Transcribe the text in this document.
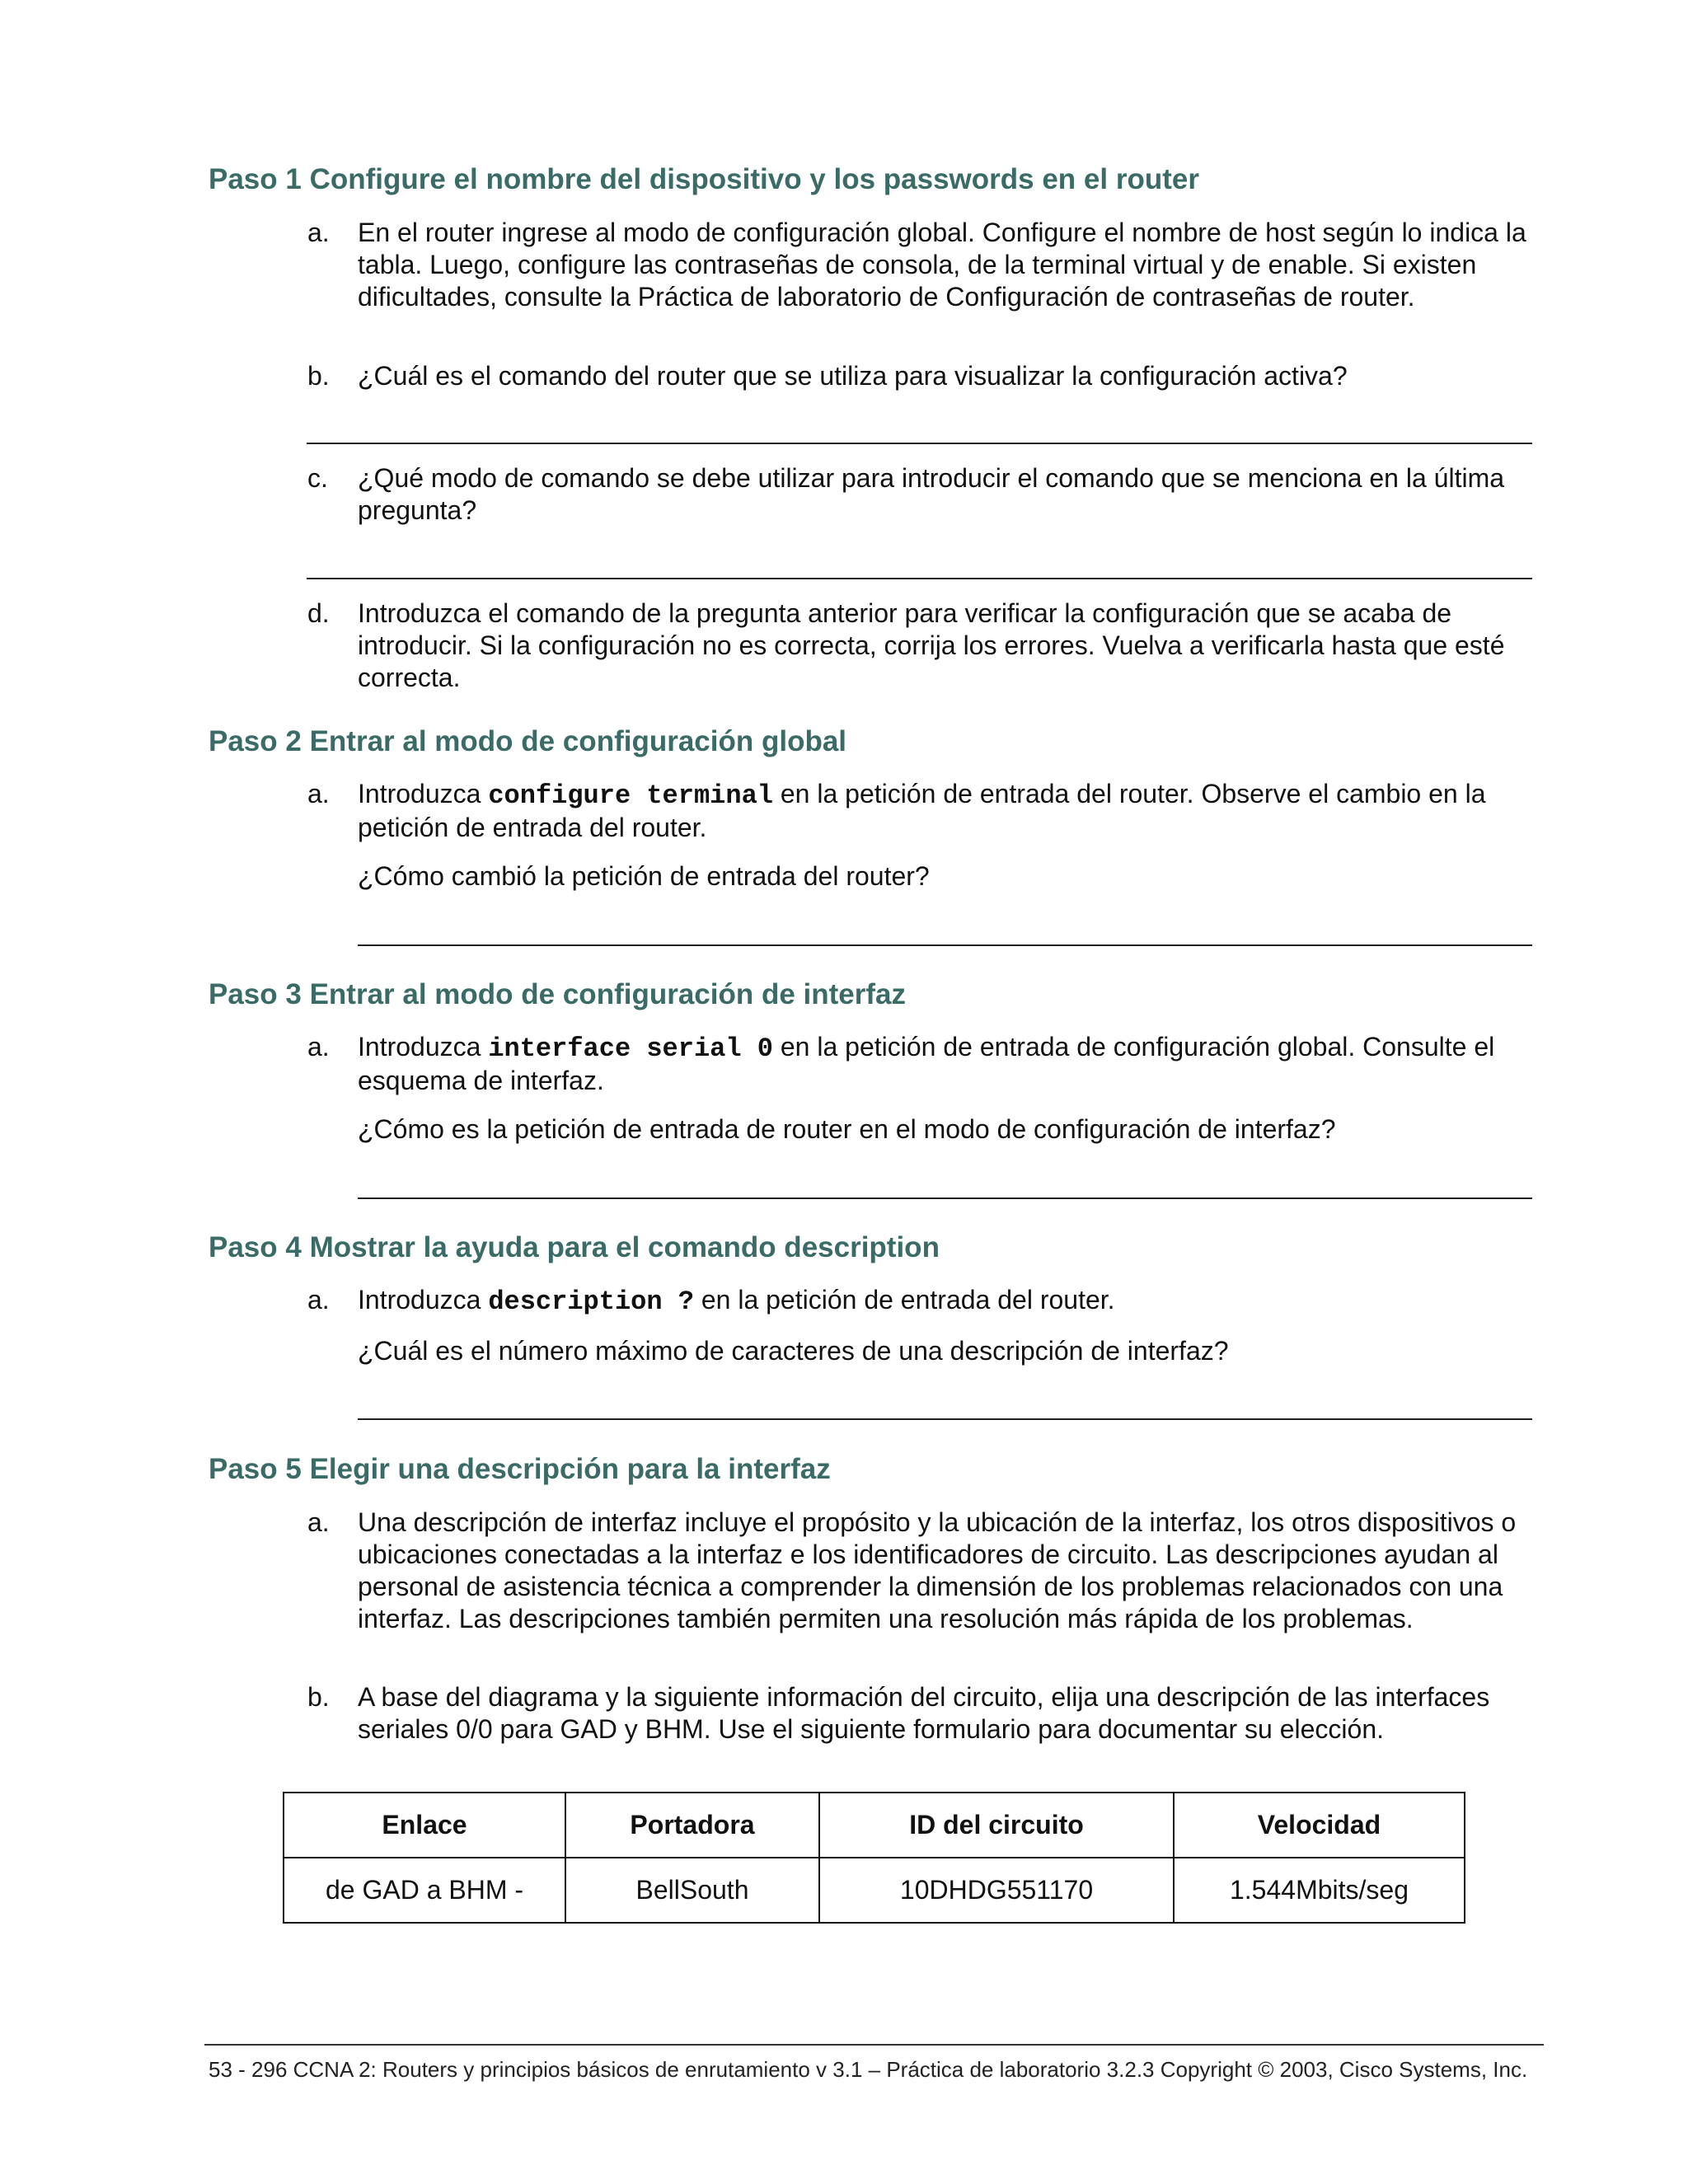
Paso 1 Configure el nombre del dispositivo y los passwords en el router
a. En el router ingrese al modo de configuración global. Configure el nombre de host según lo indica la tabla. Luego, configure las contraseñas de consola, de la terminal virtual y de enable. Si existen dificultades, consulte la Práctica de laboratorio de Configuración de contraseñas de router.

b. ¿Cuál es el comando del router que se utiliza para visualizar la configuración activa?

c. ¿Qué modo de comando se debe utilizar para introducir el comando que se menciona en la última pregunta?

d. Introduzca el comando de la pregunta anterior para verificar la configuración que se acaba de introducir. Si la configuración no es correcta, corrija los errores. Vuelva a verificarla hasta que esté correcta.

Paso 2 Entrar al modo de configuración global
a. Introduzca configure terminal en la petición de entrada del router. Observe el cambio en la petición de entrada del router.

¿Cómo cambió la petición de entrada del router?

Paso 3 Entrar al modo de configuración de interfaz
a. Introduzca interface serial 0 en la petición de entrada de configuración global. Consulte el esquema de interfaz.

¿Cómo es la petición de entrada de router en el modo de configuración de interfaz?

Paso 4 Mostrar la ayuda para el comando description
a. Introduzca description ? en la petición de entrada del router.

¿Cuál es el número máximo de caracteres de una descripción de interfaz?

Paso 5 Elegir una descripción para la interfaz
a. Una descripción de interfaz incluye el propósito y la ubicación de la interfaz, los otros dispositivos o ubicaciones conectadas a la interfaz e los identificadores de circuito. Las descripciones ayudan al personal de asistencia técnica a comprender la dimensión de los problemas relacionados con una interfaz. Las descripciones también permiten una resolución más rápida de los problemas.

b. A base del diagrama y la siguiente información del circuito, elija una descripción de las interfaces seriales 0/0 para GAD y BHM. Use el siguiente formulario para documentar su elección.

Enlace	Portadora	ID del circuito	Velocidad
de GAD a BHM -	BellSouth	10DHDG551170	1.544Mbits/seg
53 - 296 CCNA 2: Routers y principios básicos de enrutamiento v 3.1 – Práctica de laboratorio 3.2.3 Copyright © 2003, Cisco Systems, Inc.
